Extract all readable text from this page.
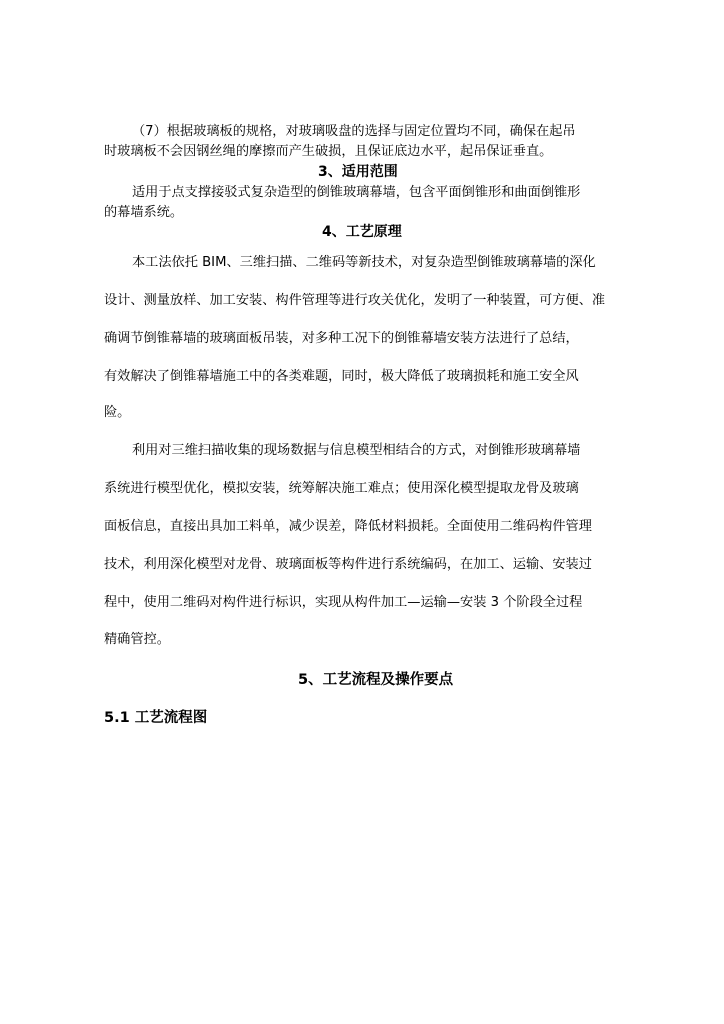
（7）根据玻璃板的规格，对玻璃吸盘的选择与固定位置均不同，确保在起吊
时玻璃板不会因钢丝绳的摩擦而产生破损，且保证底边水平，起吊保证垂直。
3、适用范围
适用于点支撑接驳式复杂造型的倒锥玻璃幕墙，包含平面倒锥形和曲面倒锥形
的幕墙系统。
4、工艺原理
本工法依托 BIM、三维扫描、二维码等新技术，对复杂造型倒锥玻璃幕墙的深化
设计、测量放样、加工安装、构件管理等进行攻关优化，发明了一种装置，可方便、准
确调节倒锥幕墙的玻璃面板吊装，对多种工况下的倒锥幕墙安装方法进行了总结，
有效解决了倒锥幕墙施工中的各类难题，同时，极大降低了玻璃损耗和施工安全风
险。
利用对三维扫描收集的现场数据与信息模型相结合的方式，对倒锥形玻璃幕墙
系统进行模型优化，模拟安装，统筹解决施工难点；使用深化模型提取龙骨及玻璃
面板信息，直接出具加工料单，减少误差，降低材料损耗。全面使用二维码构件管理
技术，利用深化模型对龙骨、玻璃面板等构件进行系统编码，在加工、运输、安装过
程中，使用二维码对构件进行标识，实现从构件加工—运输—安装 3 个阶段全过程
精确管控。
5、工艺流程及操作要点
5.1 工艺流程图
